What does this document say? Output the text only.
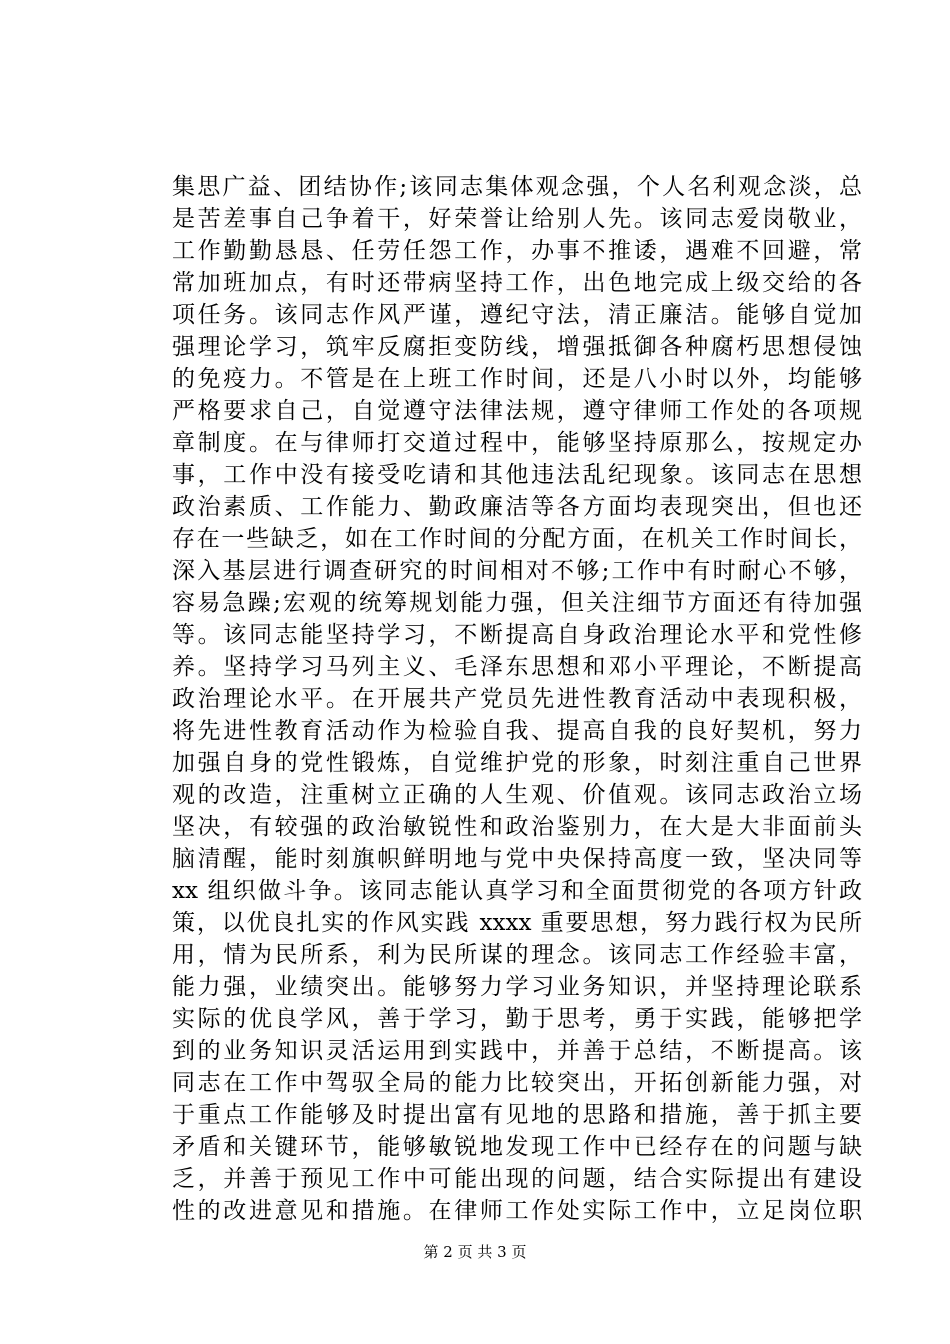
集思广益、团结协作;该同志集体观念强，个人名利观念淡，总
是苦差事自己争着干，好荣誉让给别人先。该同志爱岗敬业，
工作勤勤恳恳、任劳任怨工作，办事不推诿，遇难不回避，常
常加班加点，有时还带病坚持工作，出色地完成上级交给的各
项任务。该同志作风严谨，遵纪守法，清正廉洁。能够自觉加
强理论学习，筑牢反腐拒变防线，增强抵御各种腐朽思想侵蚀
的免疫力。不管是在上班工作时间，还是八小时以外，均能够
严格要求自己，自觉遵守法律法规，遵守律师工作处的各项规
章制度。在与律师打交道过程中，能够坚持原那么，按规定办
事，工作中没有接受吃请和其他违法乱纪现象。该同志在思想
政治素质、工作能力、勤政廉洁等各方面均表现突出，但也还
存在一些缺乏，如在工作时间的分配方面，在机关工作时间长，
深入基层进行调查研究的时间相对不够;工作中有时耐心不够，
容易急躁;宏观的统筹规划能力强，但关注细节方面还有待加强
等。该同志能坚持学习，不断提高自身政治理论水平和党性修
养。坚持学习马列主义、毛泽东思想和邓小平理论，不断提高
政治理论水平。在开展共产党员先进性教育活动中表现积极，
将先进性教育活动作为检验自我、提高自我的良好契机，努力
加强自身的党性锻炼，自觉维护党的形象，时刻注重自己世界
观的改造，注重树立正确的人生观、价值观。该同志政治立场
坚决，有较强的政治敏锐性和政治鉴别力，在大是大非面前头
脑清醒，能时刻旗帜鲜明地与党中央保持高度一致，坚决同等
xx 组织做斗争。该同志能认真学习和全面贯彻党的各项方针政
策，以优良扎实的作风实践 xxxx 重要思想，努力践行权为民所
用，情为民所系，利为民所谋的理念。该同志工作经验丰富，
能力强，业绩突出。能够努力学习业务知识，并坚持理论联系
实际的优良学风，善于学习，勤于思考，勇于实践，能够把学
到的业务知识灵活运用到实践中，并善于总结，不断提高。该
同志在工作中驾驭全局的能力比较突出，开拓创新能力强，对
于重点工作能够及时提出富有见地的思路和措施，善于抓主要
矛盾和关键环节，能够敏锐地发现工作中已经存在的问题与缺
乏，并善于预见工作中可能出现的问题，结合实际提出有建设
性的改进意见和措施。在律师工作处实际工作中，立足岗位职
第 2 页 共 3 页
